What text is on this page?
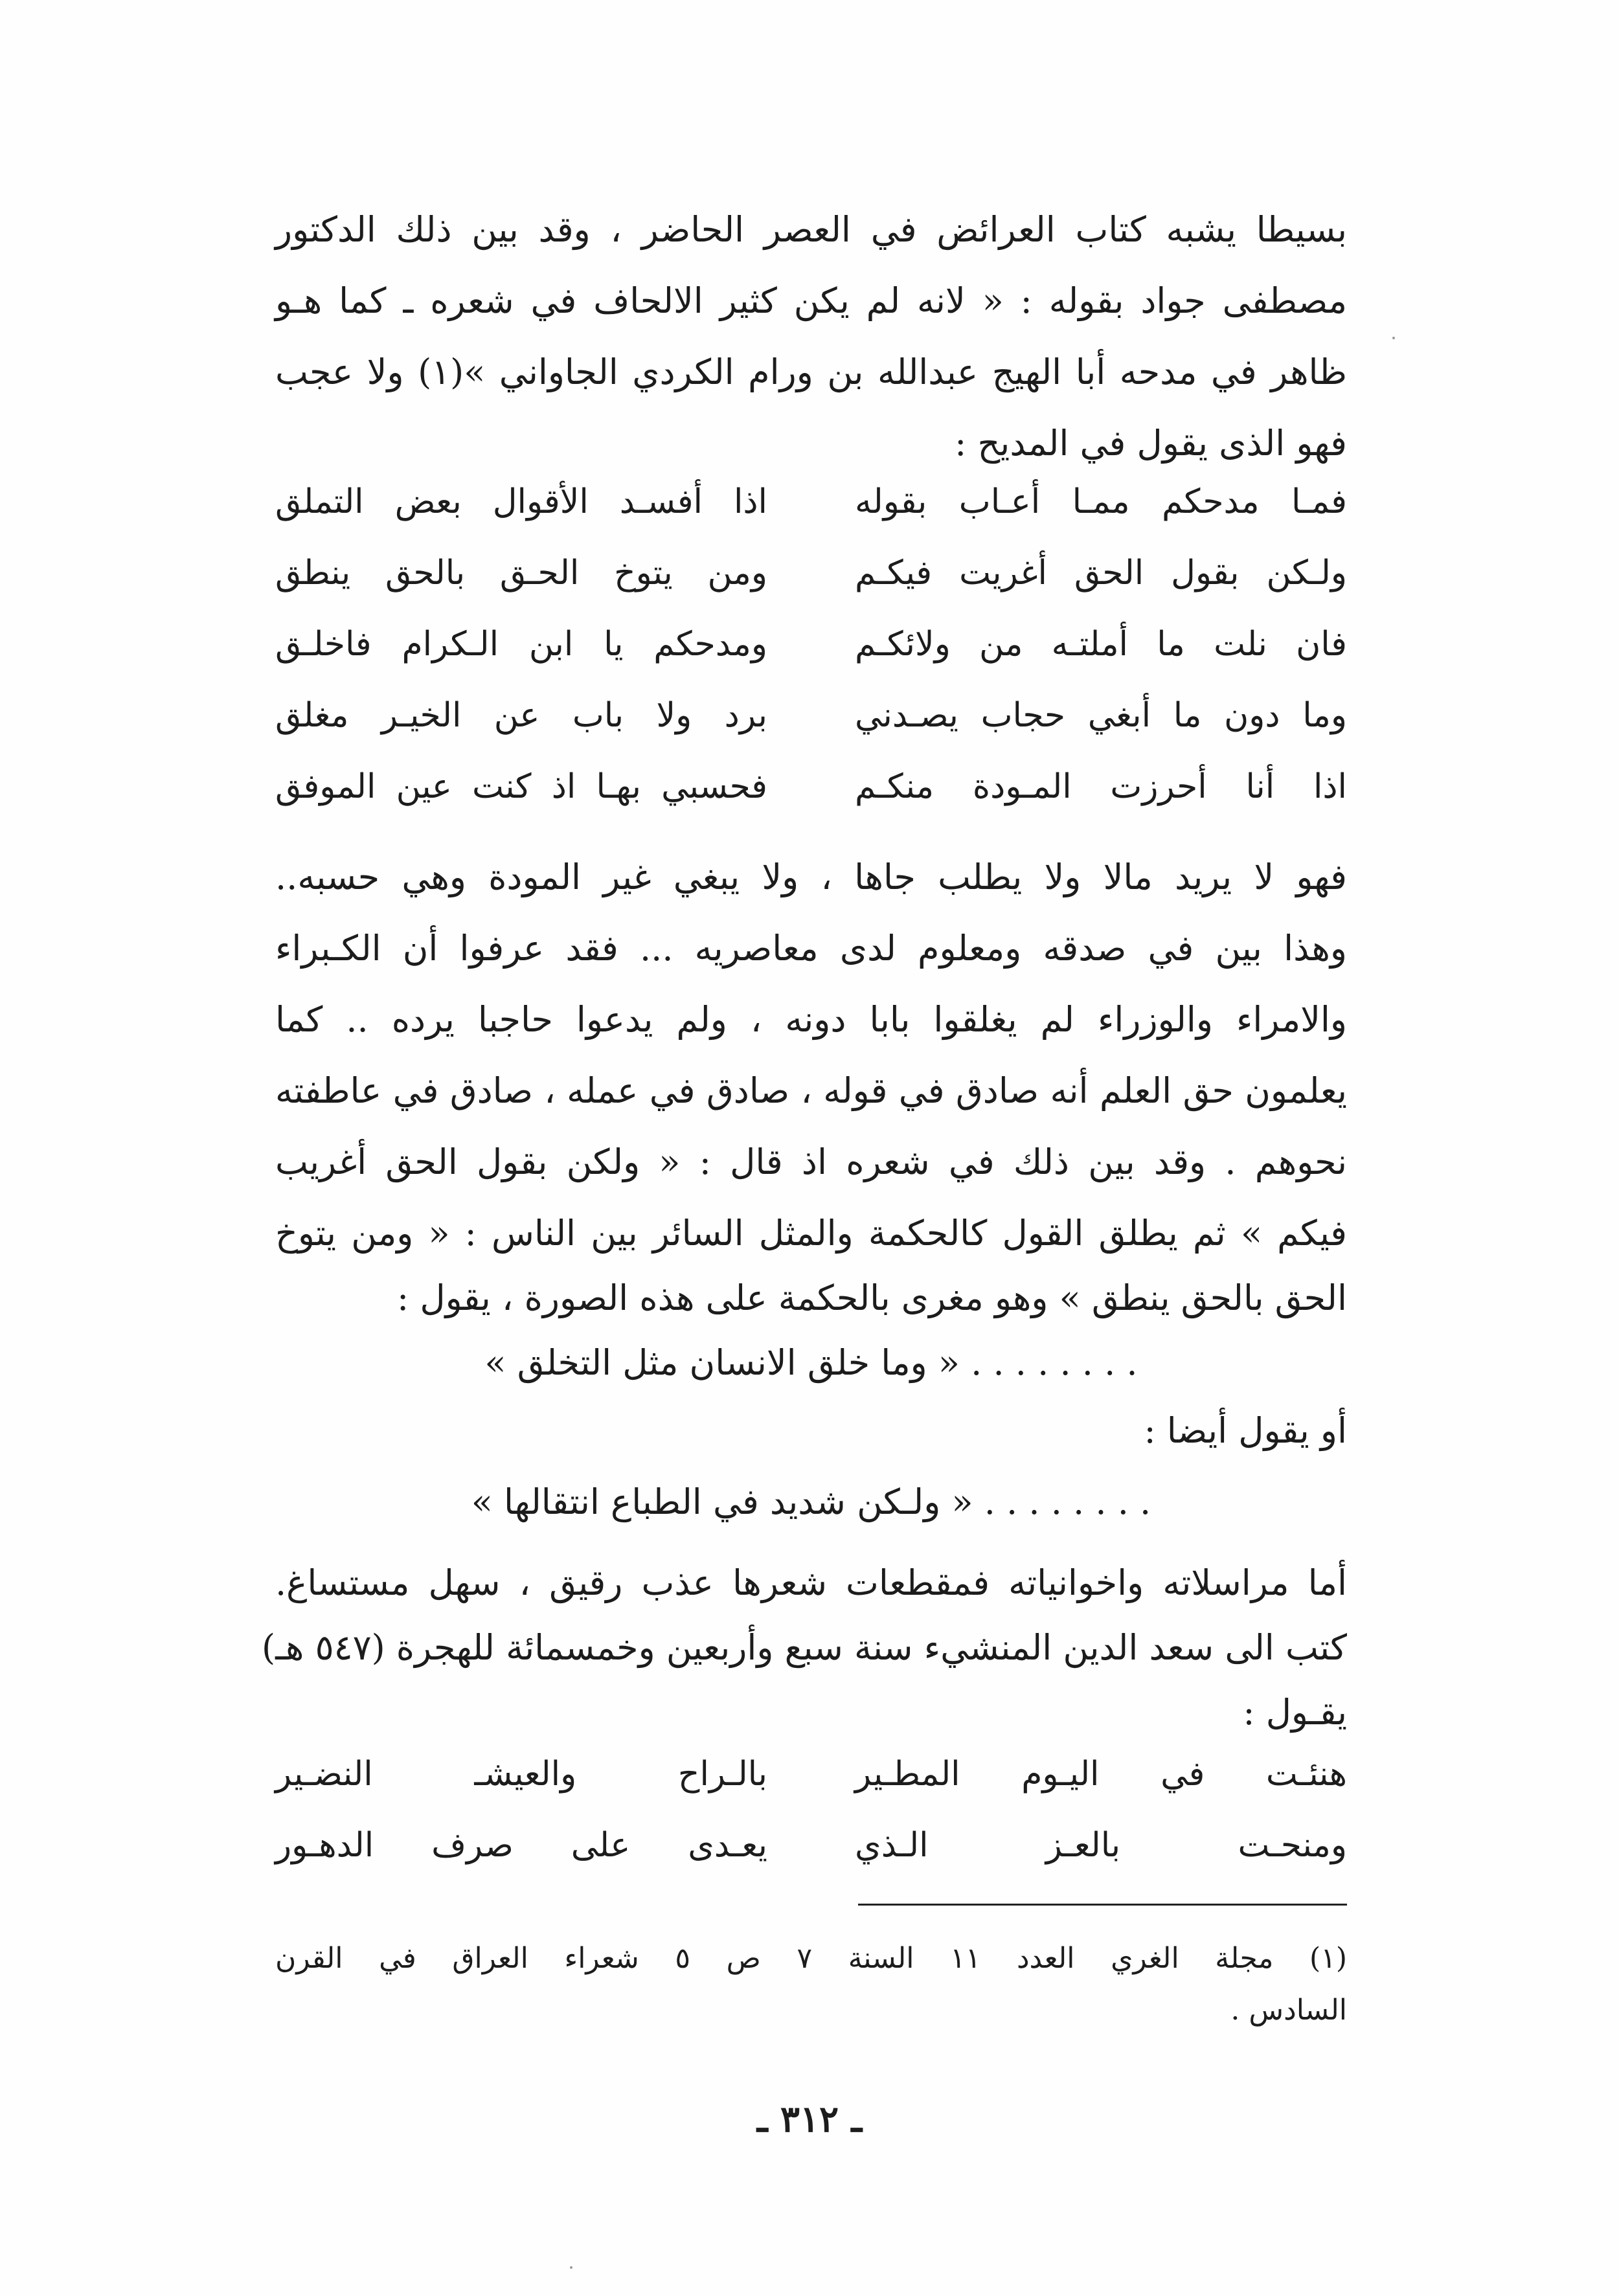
بسيطا يشبه كتاب العرائض في العصر الحاضر ، وقد بين ذلك الدكتور
مصطفى جواد بقوله : « لانه لم يكن كثير الالحاف في شعره ـ كما هـو
ظاهر في مدحه أبا الهيج عبدالله بن ورام الكردي الجاواني »(١) ولا عجب
فهو الذى يقول في المديح :
فمـا مدحكم ممـا أعـاب بقوله
اذا أفسـد الأقوال بعض التملق
ولـكن بقول الحق أغريت فيكـم
ومن يتوخ الحـق بالحق ينطق
فان نلت ما أملتـه من ولائكـم
ومدحكم يا ابن الـكرام فاخلـق
وما دون ما أبغي حجاب يصـدني
برد ولا باب عن الخيـر مغلق
اذا أنا أحرزت المـودة منكـم
فحسبي بهـا اذ كنت عين الموفق
فهو لا يريد مالا ولا يطلب جاها ، ولا يبغي غير المودة وهي حسبه..
وهذا بين في صدقه ومعلوم لدى معاصريه ... فقد عرفوا أن الكـبراء
والامراء والوزراء لم يغلقوا بابا دونه ، ولم يدعوا حاجبا يرده .. كما
يعلمون حق العلم أنه صادق في قوله ، صادق في عمله ، صادق في عاطفته
نحوهم . وقد بين ذلك في شعره اذ قال : « ولكن بقول الحق أغريب
فيكم » ثم يطلق القول كالحكمة والمثل السائر بين الناس : « ومن يتوخ
الحق بالحق ينطق » وهو مغرى بالحكمة على هذه الصورة ، يقول :
. . . . . . . . « وما خلق الانسان مثل التخلق »
أو يقول أيضا :
. . . . . . . . « ولـكن شديد في الطباع انتقالها »
أما مراسلاته واخوانياته فمقطعات شعرها عذب رقيق ، سهل مستساغ.
كتب الى سعد الدين المنشيء سنة سبع وأربعين وخمسمائة للهجرة (٥٤٧ هـ)
يقـول :
هنئـت في اليـوم المطـير
بالـراح والعيشـ النضـير
ومنحـت بالعـز الـذي
يعـدى على صرف الدهـور
(١) مجلة الغري العدد ١١ السنة ٧ ص ٥ شعراء العراق في القرن
السادس .
ـ ٣١٢ ـ
